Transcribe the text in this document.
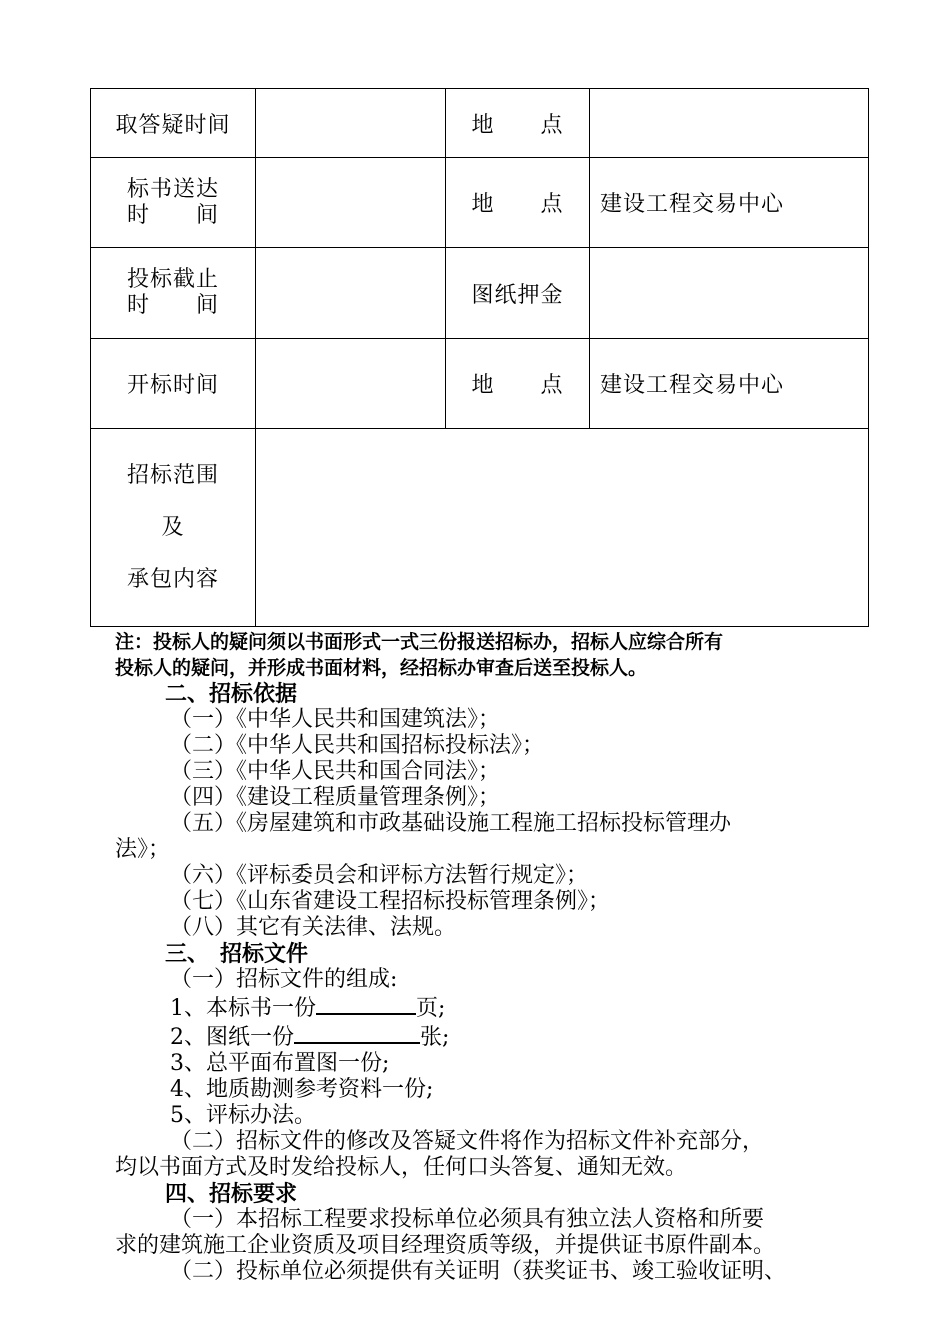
取答疑时间		地　　点	
标书送达
时　　间		地　　点	建设工程交易中心
投标截止
时　　间		图纸押金	
开标时间		地　　点	建设工程交易中心
招标范围
及
承包内容			
注：投标人的疑问须以书面形式一式三份报送招标办，招标人应综合所有
投标人的疑问，并形成书面材料，经招标办审查后送至投标人。
二、招标依据
（一）《中华人民共和国建筑法》；
（二）《中华人民共和国招标投标法》；
（三）《中华人民共和国合同法》；
（四）《建设工程质量管理条例》；
（五）《房屋建筑和市政基础设施工程施工招标投标管理办
法》；
（六）《评标委员会和评标方法暂行规定》；
（七）《山东省建设工程招标投标管理条例》；
（八）其它有关法律、法规。
三、　招标文件
（一）招标文件的组成:
1、本标书一份	页;
2、图纸一份	张;
3、总平面布置图一份;
4、地质勘测参考资料一份;
5、评标办法。
（二）招标文件的修改及答疑文件将作为招标文件补充部分，
均以书面方式及时发给投标人，任何口头答复、通知无效。
四、招标要求
（一）本招标工程要求投标单位必须具有独立法人资格和所要
求的建筑施工企业资质及项目经理资质等级，并提供证书原件副本。
（二）投标单位必须提供有关证明（获奖证书、竣工验收证明、
